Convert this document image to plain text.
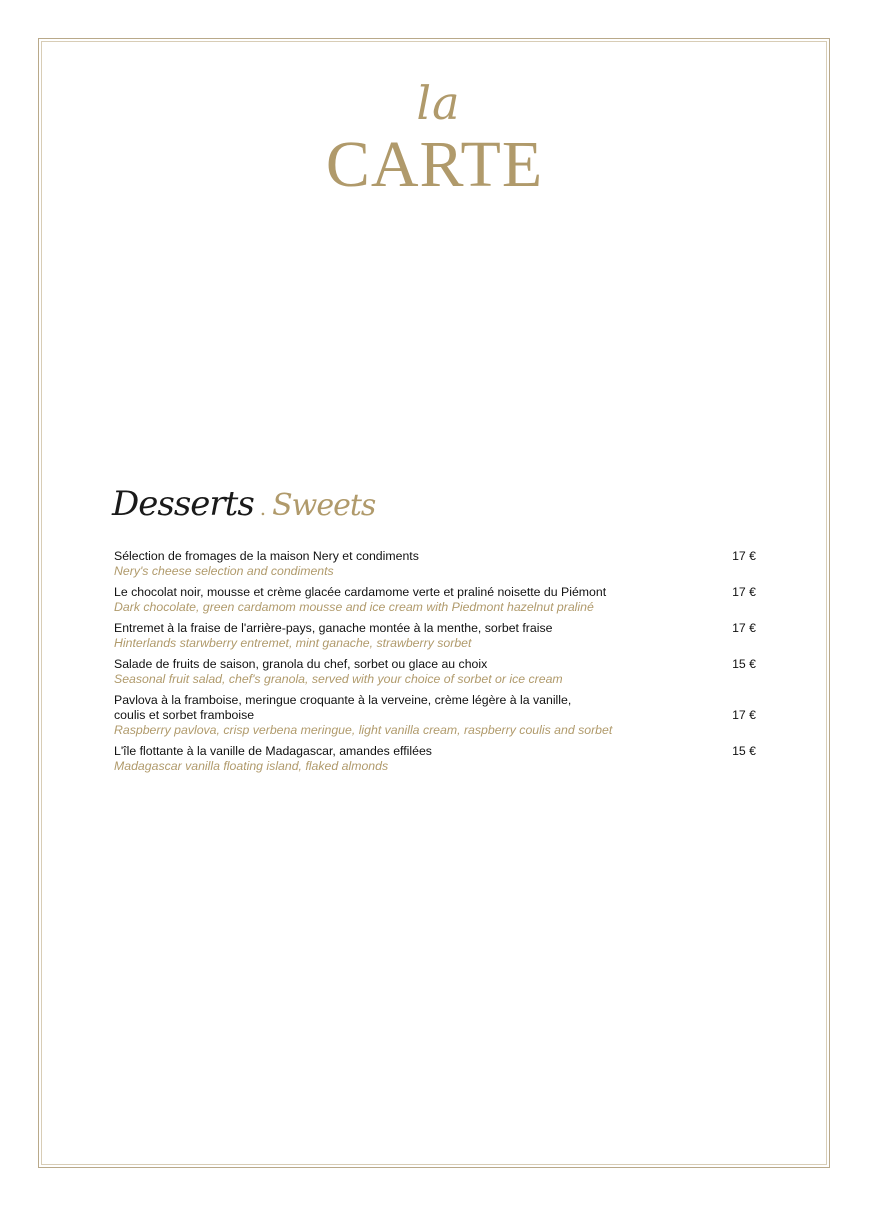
la
CARTE
Desserts . Sweets
17 €
Sélection de fromages de la maison Nery et condiments
Nery's cheese selection and condiments
17 €
Le chocolat noir, mousse et crème glacée cardamome verte et praliné noisette du Piémont
Dark chocolate, green cardamom mousse and ice cream with Piedmont hazelnut praliné
17 €
Entremet à la fraise de l'arrière-pays, ganache montée à la menthe, sorbet fraise
Hinterlands starwberry entremet, mint ganache, strawberry sorbet
15 €
Salade de fruits de saison, granola du chef, sorbet ou glace au choix
Seasonal fruit salad, chef's granola, served with your choice of sorbet or ice cream
17 €
Pavlova à la framboise, meringue croquante à la verveine, crème légère à la vanille,
coulis et sorbet framboise
Raspberry pavlova, crisp verbena meringue, light vanilla cream, raspberry coulis and sorbet
15 €
L'île flottante à la vanille de Madagascar, amandes effilées
Madagascar vanilla floating island, flaked almonds
